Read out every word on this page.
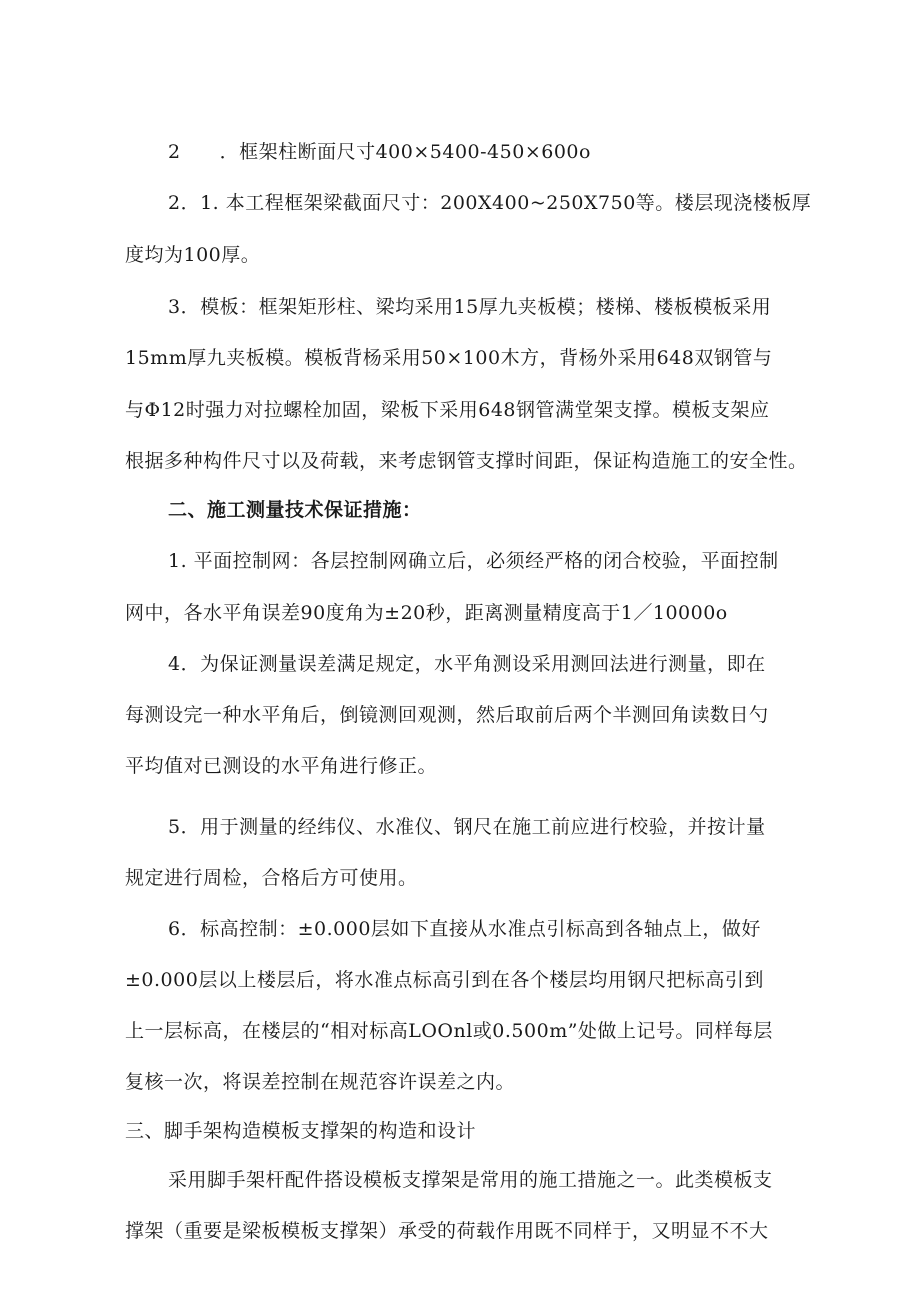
2　　．框架柱断面尺寸400×5400-450×600o
2．1. 本工程框架梁截面尺寸：200X400~250X750等。楼层现浇楼板厚
度均为100厚。
3．模板：框架矩形柱、梁均采用15厚九夹板模；楼梯、楼板模板采用
15mm厚九夹板模。模板背杨采用50×100木方，背杨外采用648双钢管与
与Φ12时强力对拉螺栓加固，梁板下采用648钢管满堂架支撑。模板支架应
根据多种构件尺寸以及荷载，来考虑钢管支撑时间距，保证构造施工的安全性。
二、施工测量技术保证措施：
1. 平面控制网：各层控制网确立后，必须经严格的闭合校验，平面控制
网中，各水平角误差90度角为±20秒，距离测量精度高于1／10000o
4．为保证测量误差满足规定，水平角测设采用测回法进行测量，即在
每测设完一种水平角后，倒镜测回观测，然后取前后两个半测回角读数日勺
平均值对已测设的水平角进行修正。
5．用于测量的经纬仪、水准仪、钢尺在施工前应进行校验，并按计量
规定进行周检，合格后方可使用。
6．标高控制：±0.000层如下直接从水准点引标高到各轴点上，做好
±0.000层以上楼层后，将水准点标高引到在各个楼层均用钢尺把标高引到
上一层标高，在楼层的“相对标高LOOnl或0.500m”处做上记号。同样每层
复核一次，将误差控制在规范容许误差之内。
三、脚手架构造模板支撑架的构造和设计
采用脚手架杆配件搭设模板支撑架是常用的施工措施之一。此类模板支
撑架（重要是梁板模板支撑架）承受的荷载作用既不同样于，又明显不不大
